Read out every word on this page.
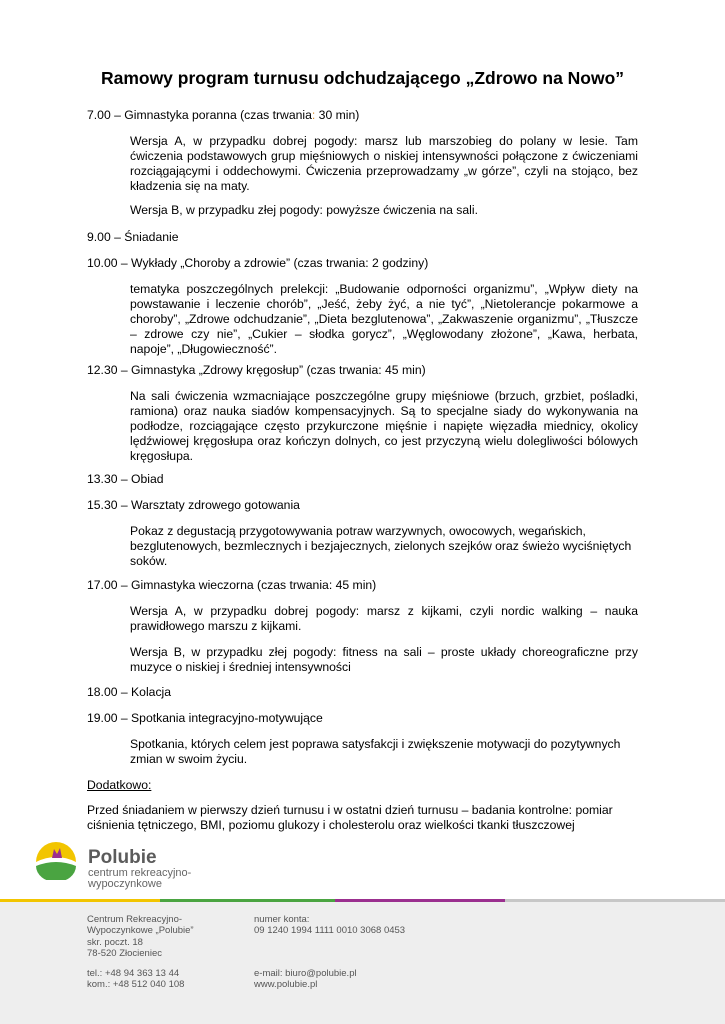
Ramowy program turnusu odchudzającego „Zdrowo na Nowo”

7.00 – Gimnastyka poranna (czas trwania: 30 min)

Wersja A, w przypadku dobrej pogody: marsz lub marszobieg do polany w lesie. Tam ćwiczenia podstawowych grup mięśniowych o niskiej intensywności połączone z ćwiczeniami rozciągającymi i oddechowymi. Ćwiczenia przeprowadzamy „w górze”, czyli na stojąco, bez kładzenia się na maty.

Wersja B, w przypadku złej pogody: powyższe ćwiczenia na sali.

9.00 – Śniadanie

10.00 – Wykłady „Choroby a zdrowie” (czas trwania: 2 godziny)

tematyka poszczególnych prelekcji: „Budowanie odporności organizmu”, „Wpływ diety na powstawanie i leczenie chorób”, „Jeść, żeby żyć, a nie tyć”, „Nietolerancje pokarmowe a choroby”, „Zdrowe odchudzanie”, „Dieta bezglutenowa”, „Zakwaszenie organizmu”, „Tłuszcze – zdrowe czy nie”, „Cukier – słodka gorycz”, „Węglowodany złożone”, „Kawa, herbata, napoje”, „Długowieczność”.

12.30 – Gimnastyka „Zdrowy kręgosłup” (czas trwania: 45 min)

Na sali ćwiczenia wzmacniające poszczególne grupy mięśniowe (brzuch, grzbiet, pośladki, ramiona) oraz nauka siadów kompensacyjnych. Są to specjalne siady do wykonywania na podłodze, rozciągające często przykurczone mięśnie i napięte więzadła miednicy, okolicy lędźwiowej kręgosłupa oraz kończyn dolnych, co jest przyczyną wielu dolegliwości bólowych kręgosłupa.

13.30 – Obiad

15.30 – Warsztaty zdrowego gotowania

Pokaz z degustacją przygotowywania potraw warzywnych, owocowych, wegańskich, bezglutenowych, bezmlecznych i bezjajecznych, zielonych szejków oraz świeżo wyciśniętych soków.

17.00 – Gimnastyka wieczorna (czas trwania: 45 min)

Wersja A, w przypadku dobrej pogody: marsz z kijkami, czyli nordic walking – nauka prawidłowego marszu z kijkami.

Wersja B, w przypadku złej pogody: fitness na sali – proste układy choreograficzne przy muzyce o niskiej i średniej intensywności

18.00 – Kolacja

19.00 – Spotkania integracyjno-motywujące

Spotkania, których celem jest poprawa satysfakcji i zwiększenie motywacji do pozytywnych zmian w swoim życiu.

Dodatkowo:

Przed śniadaniem w pierwszy dzień turnusu i w ostatni dzień turnusu – badania kontrolne: pomiar ciśnienia tętniczego, BMI, poziomu glukozy i cholesterolu oraz wielkości tkanki tłuszczowej

Polubie
centrum rekreacyjno-
wypoczynkowe
Centrum Rekreacyjno-
Wypoczynkowe „Polubie”
skr. poczt. 18
78-520 Złocieniec
tel.: +48 94 363 13 44
kom.: +48 512 040 108
numer konta:
09 1240 1994 1111 0010 3068 0453
e-mail: biuro@polubie.pl
www.polubie.pl
